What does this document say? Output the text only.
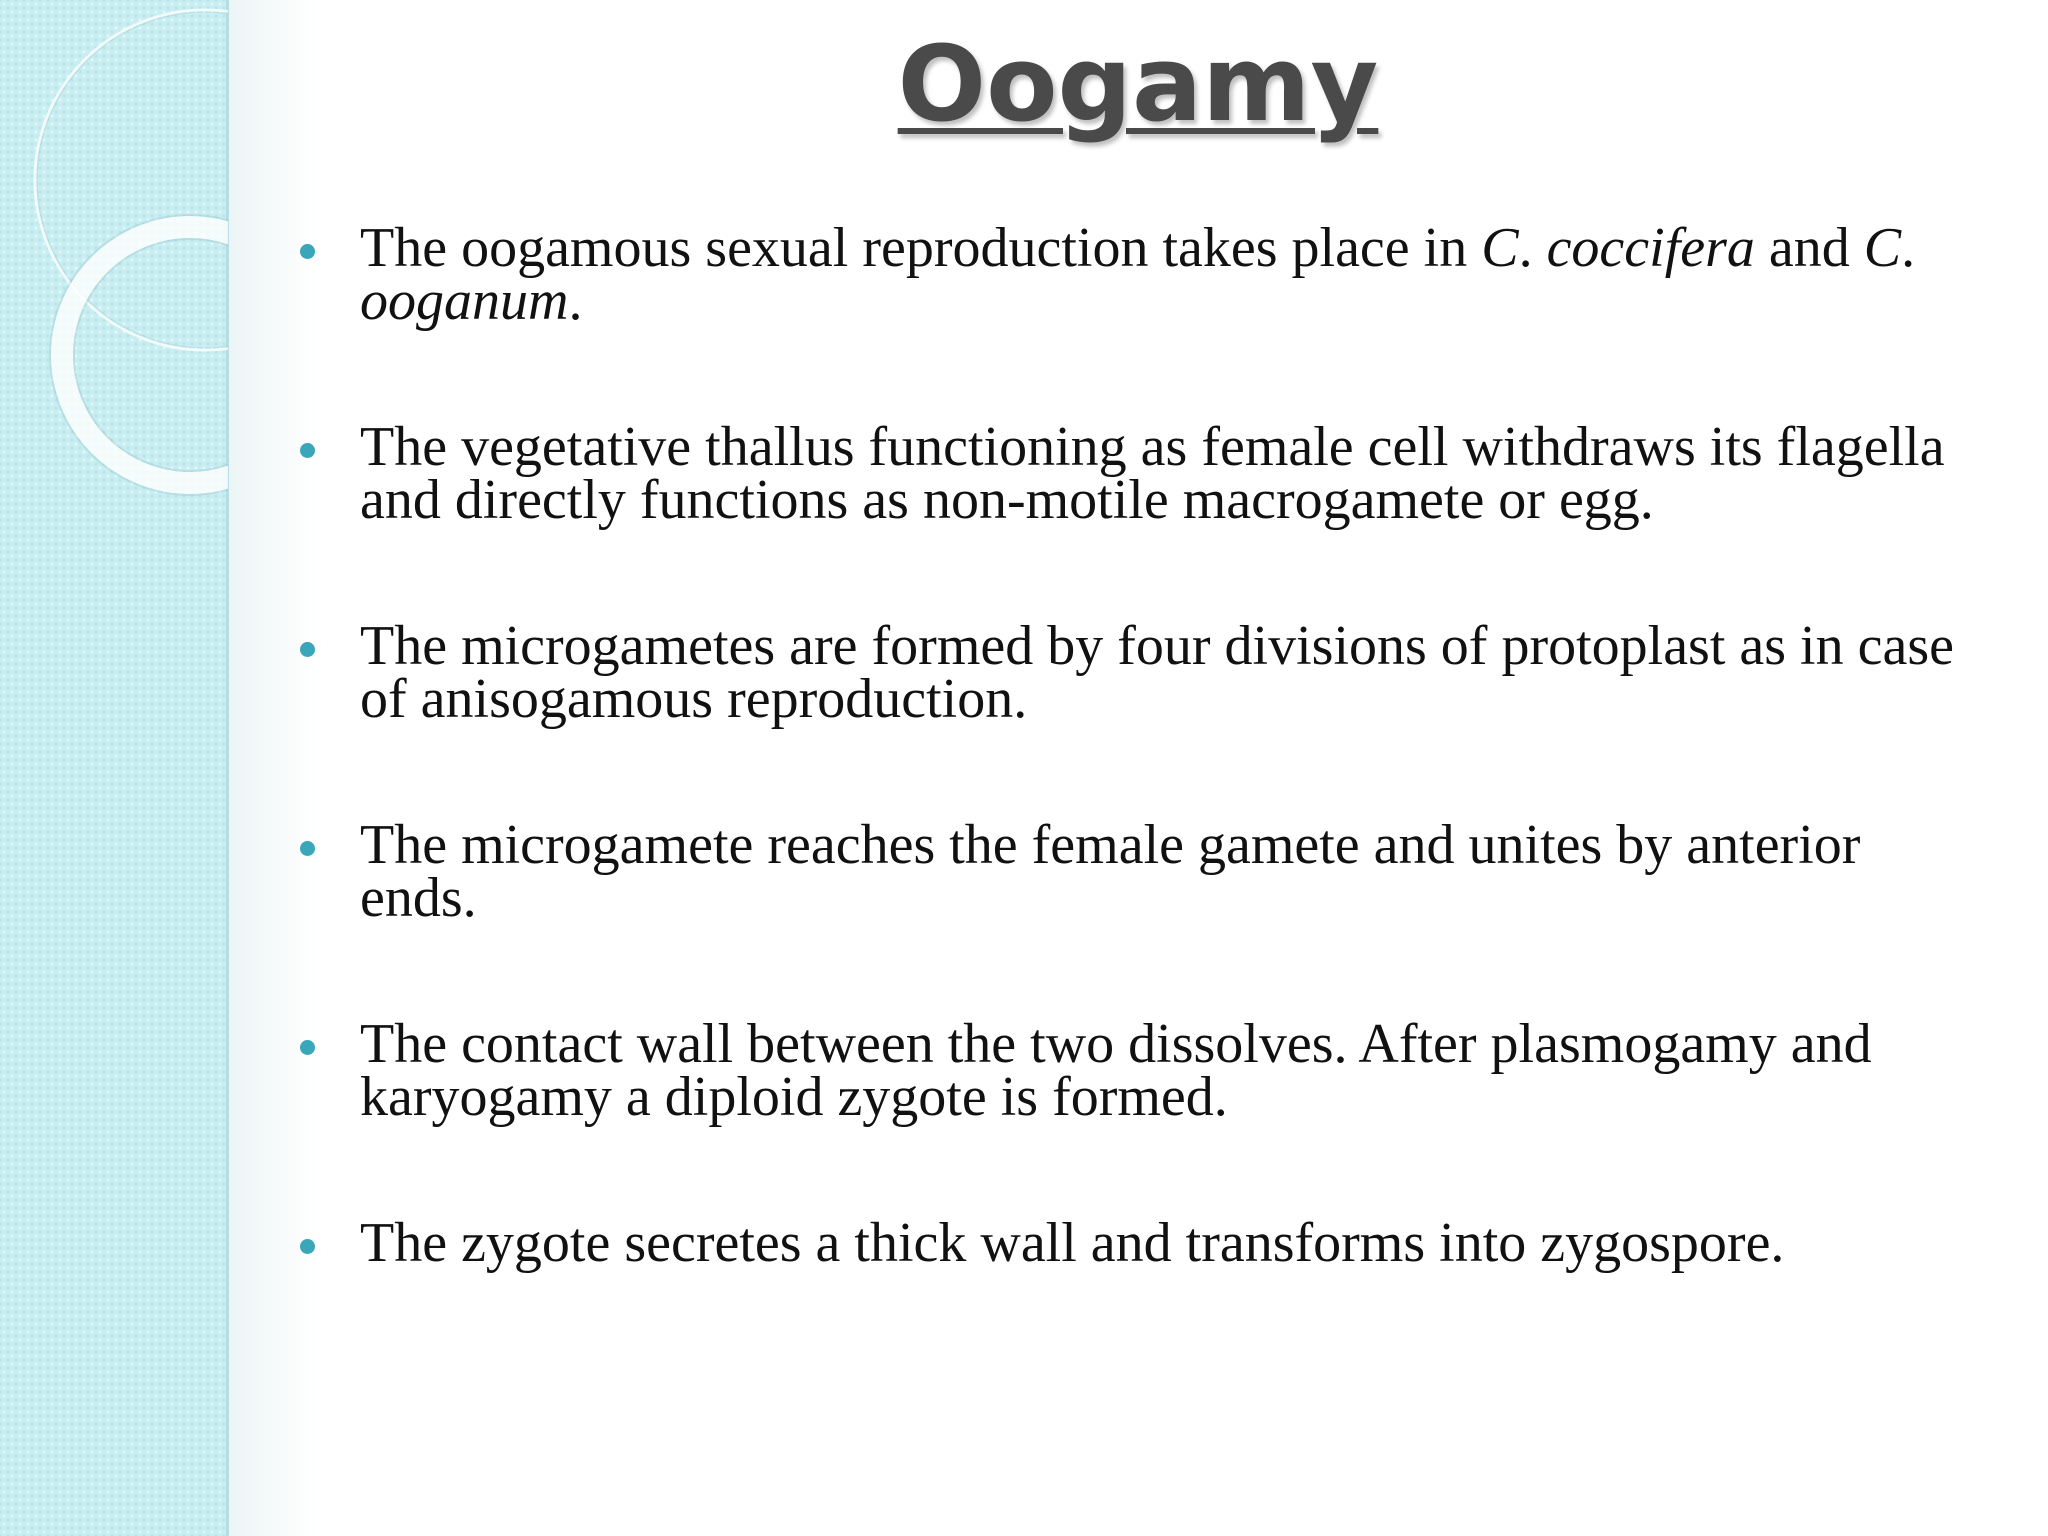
Oogamy
The oogamous sexual reproduction takes place in C. coccifera and C. ooganum.
The vegetative thallus functioning as female cell withdraws its flagella and directly functions as non-motile macrogamete or egg.
The microgametes are formed by four divisions of protoplast as in case of anisogamous reproduction.
The microgamete reaches the female gamete and unites by anterior ends.
The contact wall between the two dissolves. After plasmogamy and karyogamy a diploid zygote is formed.
The zygote secretes a thick wall and transforms into zygospore.
